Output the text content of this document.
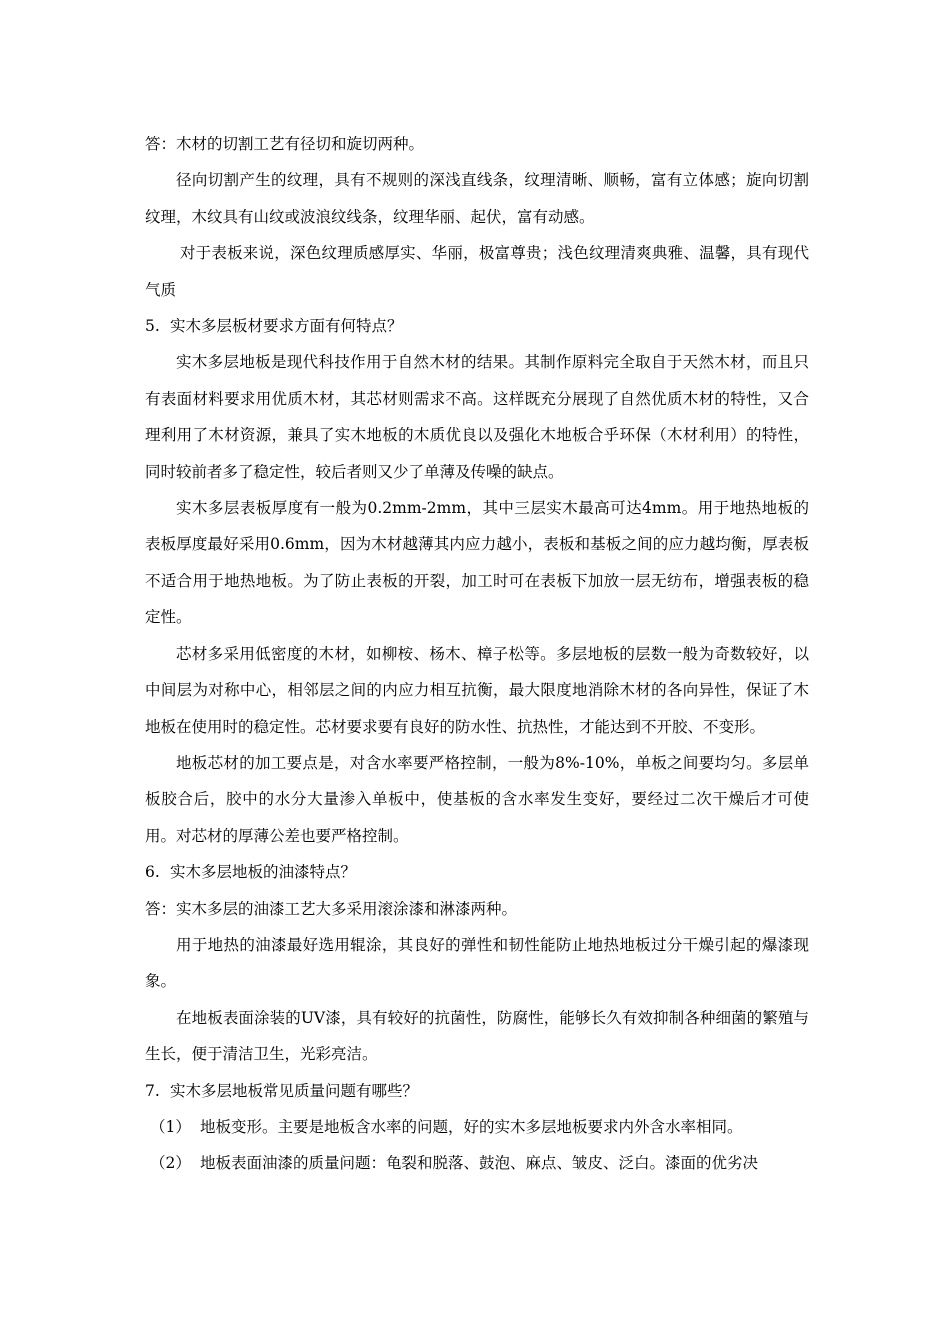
答：木材的切割工艺有径切和旋切两种。

径向切割产生的纹理，具有不规则的深浅直线条，纹理清晰、顺畅，富有立体感；旋向切割纹理，木纹具有山纹或波浪纹线条，纹理华丽、起伏，富有动感。

对于表板来说，深色纹理质感厚实、华丽，极富尊贵；浅色纹理清爽典雅、温馨，具有现代气质

5. 实木多层板材要求方面有何特点？

实木多层地板是现代科技作用于自然木材的结果。其制作原料完全取自于天然木材，而且只有表面材料要求用优质木材，其芯材则需求不高。这样既充分展现了自然优质木材的特性，又合理利用了木材资源，兼具了实木地板的木质优良以及强化木地板合乎环保（木材利用）的特性，同时较前者多了稳定性，较后者则又少了单薄及传噪的缺点。

实木多层表板厚度有一般为0.2mm-2mm，其中三层实木最高可达4mm。用于地热地板的表板厚度最好采用0.6mm，因为木材越薄其内应力越小，表板和基板之间的应力越均衡，厚表板不适合用于地热地板。为了防止表板的开裂，加工时可在表板下加放一层无纺布，增强表板的稳定性。

芯材多采用低密度的木材，如柳桉、杨木、樟子松等。多层地板的层数一般为奇数较好，以中间层为对称中心，相邻层之间的内应力相互抗衡，最大限度地消除木材的各向异性，保证了木地板在使用时的稳定性。芯材要求要有良好的防水性、抗热性，才能达到不开胶、不变形。

地板芯材的加工要点是，对含水率要严格控制，一般为8%-10%，单板之间要均匀。多层单板胶合后，胶中的水分大量渗入单板中，使基板的含水率发生变好，要经过二次干燥后才可使用。对芯材的厚薄公差也要严格控制。

6. 实木多层地板的油漆特点？

答：实木多层的油漆工艺大多采用滚涂漆和淋漆两种。

用于地热的油漆最好选用辊涂，其良好的弹性和韧性能防止地热地板过分干燥引起的爆漆现象。

在地板表面涂装的UV漆，具有较好的抗菌性，防腐性，能够长久有效抑制各种细菌的繁殖与生长，便于清洁卫生，光彩亮洁。

7. 实木多层地板常见质量问题有哪些？

（1） 地板变形。主要是地板含水率的问题，好的实木多层地板要求内外含水率相同。
（2） 地板表面油漆的质量问题：龟裂和脱落、鼓泡、麻点、皱皮、泛白。漆面的优劣决
